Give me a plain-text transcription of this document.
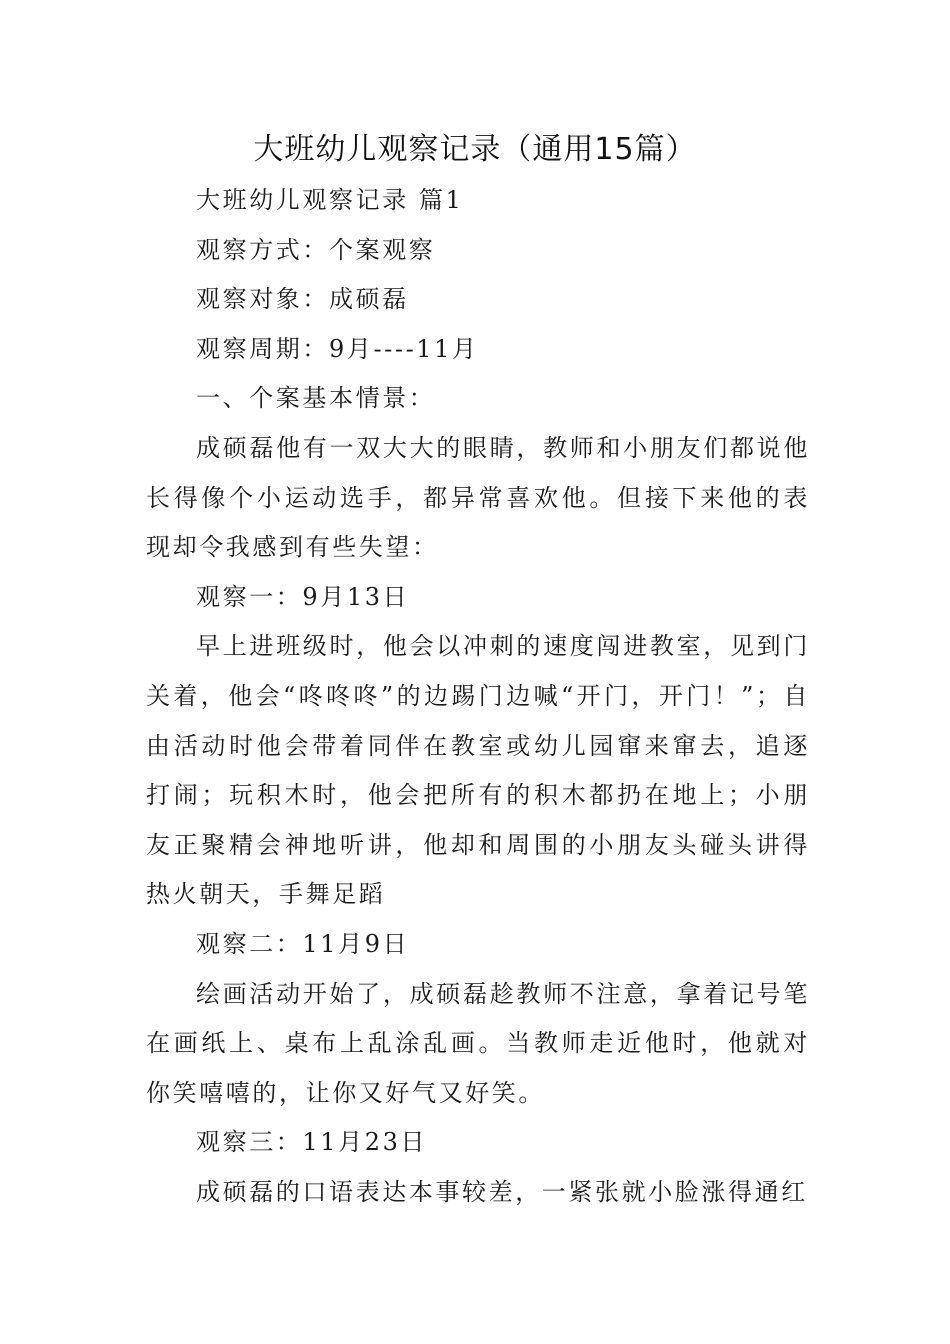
大班幼儿观察记录（通用15篇）

大班幼儿观察记录 篇1

观察方式：个案观察

观察对象：成硕磊

观察周期：9月----11月

一、个案基本情景：

成硕磊他有一双大大的眼睛，教师和小朋友们都说他长得像个小运动选手，都异常喜欢他。但接下来他的表现却令我感到有些失望：

观察一：9月13日

早上进班级时，他会以冲刺的速度闯进教室，见到门关着，他会“咚咚咚”的边踢门边喊“开门，开门！”；自由活动时他会带着同伴在教室或幼儿园窜来窜去，追逐打闹；玩积木时，他会把所有的积木都扔在地上；小朋友正聚精会神地听讲，他却和周围的小朋友头碰头讲得热火朝天，手舞足蹈

观察二：11月9日

绘画活动开始了，成硕磊趁教师不注意，拿着记号笔在画纸上、桌布上乱涂乱画。当教师走近他时，他就对你笑嘻嘻的，让你又好气又好笑。

观察三：11月23日

成硕磊的口语表达本事较差，一紧张就小脸涨得通红
